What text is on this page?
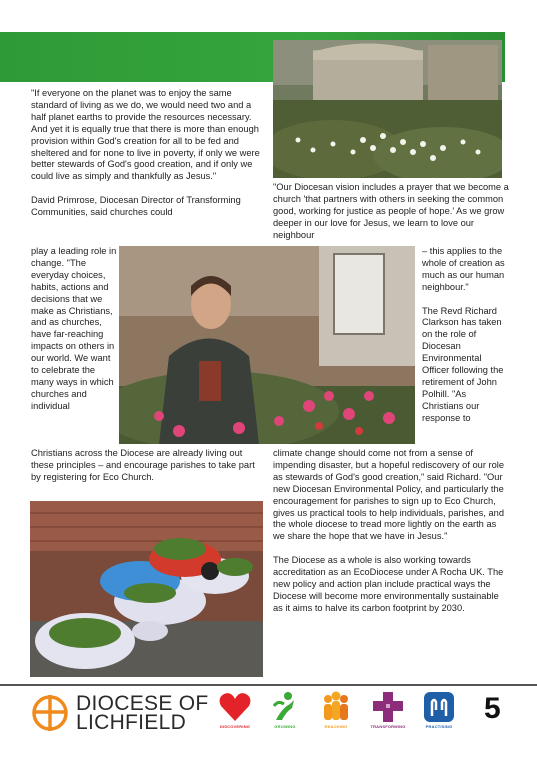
"If everyone on the planet was to enjoy the same standard of living as we do, we would need two and a half planet earths to provide the resources necessary. And yet it is equally true that there is more than enough provision within God's creation for all to be fed and sheltered and for none to live in poverty, if only we were better stewards of God's good creation, and if only we could live as simply and thankfully as Jesus."

David Primrose, Diocesan Director of Transforming Communities, said churches could
play a leading role in change. "The everyday choices, habits, actions and decisions that we make as Christians, and as churches, have far-reaching impacts on others in our world. We want to celebrate the many ways in which churches and individual
Christians across the Diocese are already living out these principles – and encourage parishes to take part by registering for Eco Church.
"Our Diocesan vision includes a prayer that we become a church 'that partners with others in seeking the common good, working for justice as people of hope.' As we grow deeper in our love for Jesus, we learn to love our neighbour

– this applies to the whole of creation as much as our human neighbour."

The Revd Richard Clarkson has taken on the role of Diocesan Environmental Officer following the retirement of John Polhill. "As Christians our response to

climate change should come not from a sense of impending disaster, but a hopeful rediscovery of our role as stewards of God's good creation," said Richard. "Our new Diocesan Environmental Policy, and particularly the encouragement for parishes to sign up to Eco Church, gives us practical tools to help individuals, parishes, and the whole diocese to tread more lightly on the earth as we share the hope that we have in Jesus."

The Diocese as a whole is also working towards accreditation as an EcoDiocese under A Rocha UK. The new policy and action plan include practical ways the Diocese will become more environmentally sustainable as it aims to halve its carbon footprint by 2030.
DIOCESE OF
LICHFIELD	DISCOVERING	GROWING	REACHING	TRANSFORMING	PRACTISING
5
